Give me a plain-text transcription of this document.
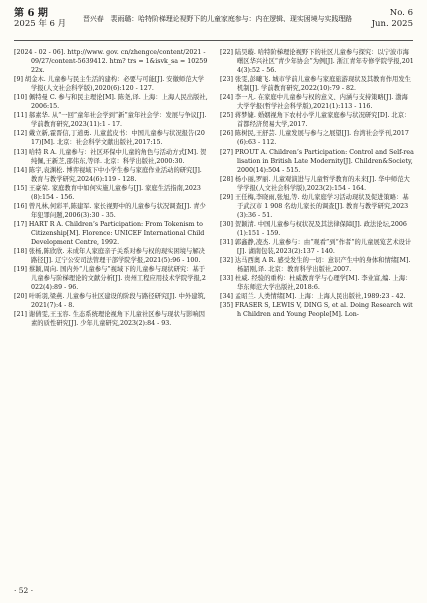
第 6 期
2025 年 6 月	晋兴春　裴雨璐：哈特阶梯理论视野下的儿童家庭参与：内在逻辑、现实困境与实践理路
No. 6
Jun. 2025

[2024 - 02 - 06]. http://www. gov. cn/zhengce/content/2021 - 09/27/content-5639412. htm? trs = 1&isvk_sa = 1025922x.

[9] 胡金木. 儿童参与民主生活的建构：必要与可能[J]. 安徽师范大学学报(人文社会科学版),2020(6):120 - 127.

[10] 佩特曼 C. 参与和民主理论[M]. 陈尧,译. 上海：上海人民出版社,2006:15.

[11] 郝素华. 从“一回”童年社会学到“新”童年社会学：发展与争议[J]. 学前教育研究,2023(11):1 - 17.

[12] 戴立新,霍晋信,丁道勇. 儿童蓝皮书：中国儿童参与状况报告(2017)[M]. 北京：社会科学文献出版社,2017:15.

[13] 哈特 R A. 儿童参与：社区环保中儿童的角色与活动方式[M]. 贺纯佩,王新芝,邵伟东,等译. 北京：科学出版社,2000:30.

[14] 陈宇,袁渊松. 博弈视域下中小学生参与家庭作业活动的研究[J]. 教育与教学研究,2024(6):119 - 128.

[15] 王豪荣. 家庭教育中如何实施儿童参与[J]. 家庭生活指南,2023(8):154 - 156.

[16] 曾凡林,何彩平,陈建军. 家长视野中的儿童参与状况调查[J]. 青少年犯罪问题,2006(3):30 - 35.

[17] HART R A. Children’s Participation: From Tokenism to Citizenship[M]. Florence: UNICEF International Child Development Centre, 1992.

[18] 张杨,陈欣欣. 未成年人家庭亲子关系对参与权的现实困境与解决路径[J]. 辽宁公安司法管理干部学院学报,2021(5):96 - 100.

[19] 蔡颖,周向. 国内外“儿童参与”视域下的儿童参与现状研究：基于儿童参与阶梯理论的文献分析[J]. 贵州工程应用技术学院学报,2022(4):89 - 96.

[20] 叶昕羽,梁燕. 儿童参与社区建设的阶段与路径研究[J]. 中外建筑,2021(7):4 - 8.

[21] 谢倩雯,王玉容. 生态系统理论视角下儿童社区参与现状与影响因素的质性研究[J]. 少年儿童研究,2023(2):84 - 93.

[22] 陆昊璇. 哈特阶梯理论视野下的社区儿童参与探究：以宁波市海曙区华兴社区“青少年协会”为例[J]. 浙江青年专修学院学报,2014(3):52 - 56.

[23] 张雯,彭曦飞. 城市学前儿童参与家庭旅游现状及其教育作用发生机制[J]. 学前教育研究,2022(10):79 - 82.

[24] 李一凡. 在家庭中儿童参与权的意义、内涵与支持策略[J]. 渤海大学学报(哲学社会科学版),2021(1):113 - 116.

[25] 蒋梦婕. 婚姻视角下农村小学儿童家庭参与状况研究[D]. 北京：首都经济贸易大学,2017.

[26] 陈树民,王舒芸. 儿童发展与参与之展望[J]. 台湾社会学刊,2017(6):63 - 112.

[27] PROUT A. Children’s Participation: Control and Self-realisation in British Late Modernity[J]. Children&Society, 2000(14):504 - 515.

[28] 杨小丽,罗丽. 儿童观演进与儿童哲学教育的未来[J]. 华中师范大学学报(人文社会科学版),2023(2):154 - 164.

[29] 王任梅,李晓雨,张旭,等. 幼儿家庭学习活动现状及促进策略：基于武汉市 1 908 名幼儿家长的调查[J]. 教育与教学研究,2023(3):36 - 51.

[30] 贺颖清. 中国儿童参与权状况及其法律保障[J]. 政法论坛,2006(1):151 - 159.

[31] 郭鑫静,凌杰. 儿童参与：由“观看”到“作者”的儿童展览艺术设计[J]. 湖南包装,2023(2):137 - 140.

[32] 达马西奥 A R. 感受发生的一切：意识产生中的身体和情绪[M]. 杨韶刚,译. 北京：教育科学出版社,2007.

[33] 杜威. 经验的重构：杜威教育学与心理学[M]. 李业富,编. 上海：华东师范大学出版社,2018:6.

[34] 孟昭兰. 人类情绪[M]. 上海：上海人民出版社,1989:23 - 42.

[35] FRASER S, LEWIS V, DING S, et al. Doing Research with Children and Young People[M]. Lon-

· 52 ·
